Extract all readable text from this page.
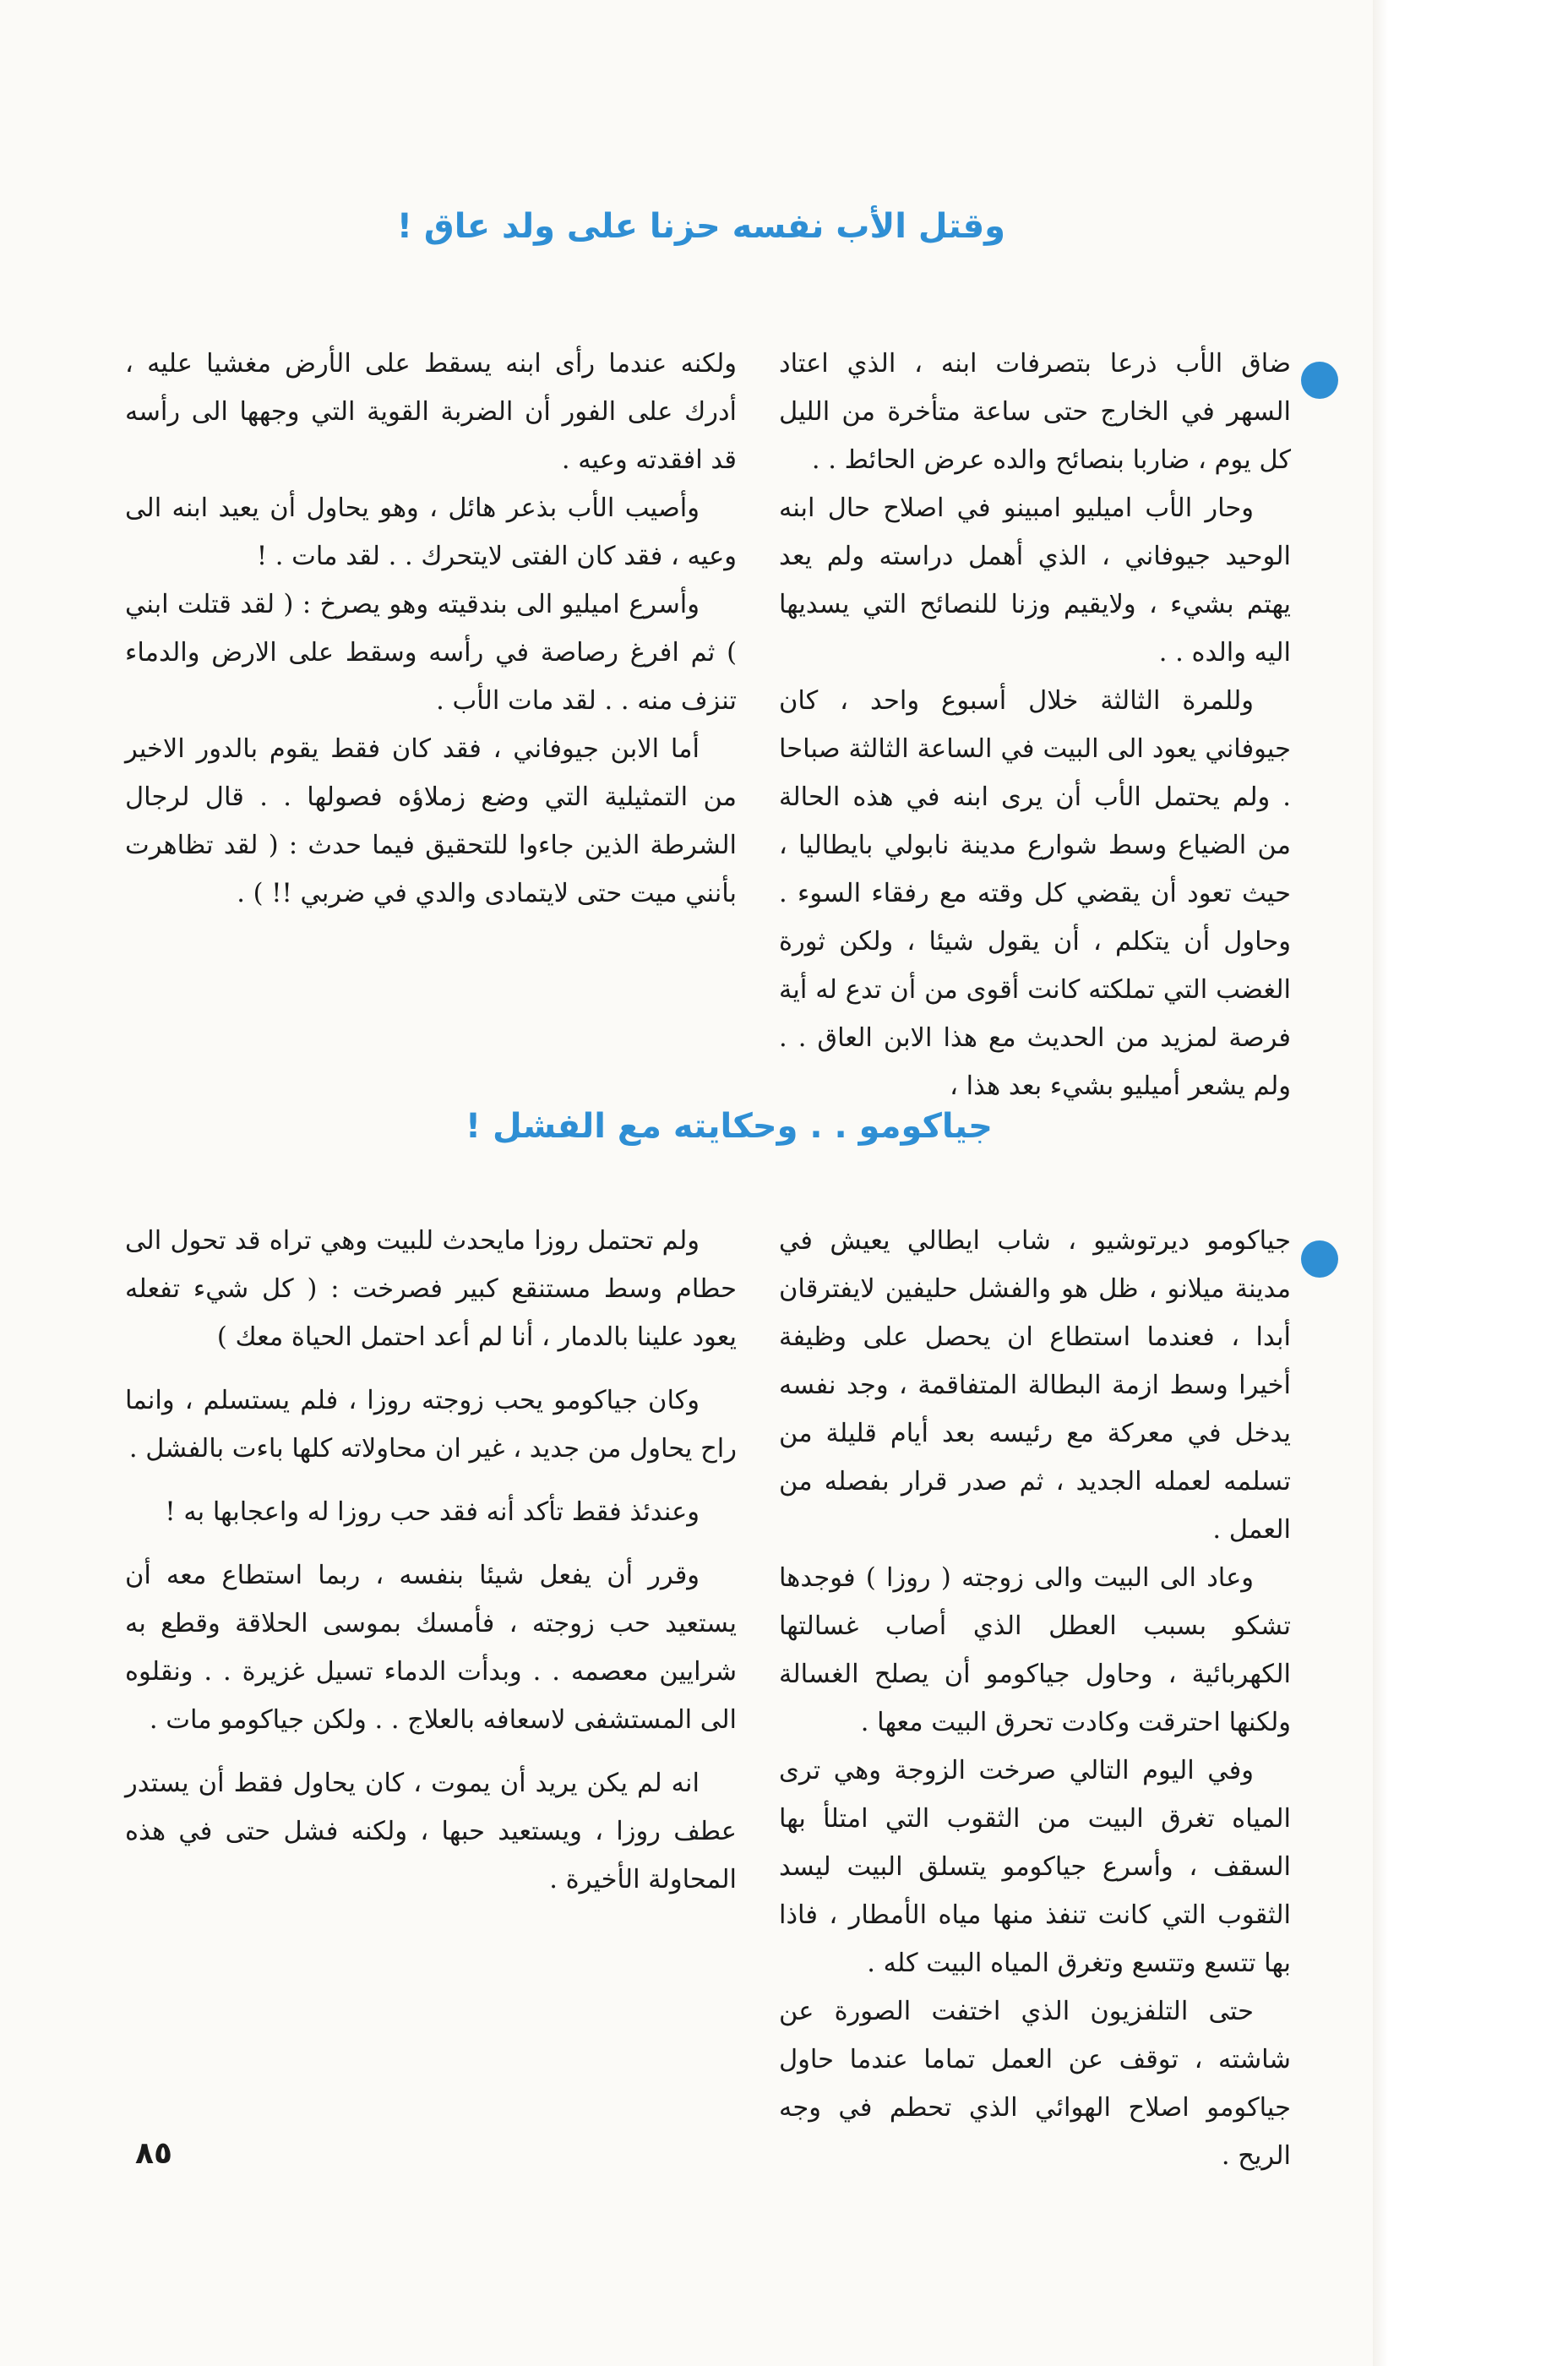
وقتل الأب نفسه حزنا على ولد عاق !

ضاق الأب ذرعا بتصرفات ابنه ، الذي اعتاد السهر في الخارج حتى ساعة متأخرة من الليل كل يوم ، ضاربا بنصائح والده عرض الحائط . .

وحار الأب اميليو امبينو في اصلاح حال ابنه الوحيد جيوفاني ، الذي أهمل دراسته ولم يعد يهتم بشيء ، ولايقيم وزنا للنصائح التي يسديها اليه والده . .

وللمرة الثالثة خلال أسبوع واحد ، كان جيوفاني يعود الى البيت في الساعة الثالثة صباحا . ولم يحتمل الأب أن يرى ابنه في هذه الحالة من الضياع وسط شوارع مدينة نابولي بايطاليا ، حيث تعود أن يقضي كل وقته مع رفقاء السوء . وحاول أن يتكلم ، أن يقول شيئا ، ولكن ثورة الغضب التي تملكته كانت أقوى من أن تدع له أية فرصة لمزيد من الحديث مع هذا الابن العاق . . ولم يشعر أميليو بشيء بعد هذا ،

ولكنه عندما رأى ابنه يسقط على الأرض مغشيا عليه ، أدرك على الفور أن الضربة القوية التي وجهها الى رأسه قد افقدته وعيه .

وأصيب الأب بذعر هائل ، وهو يحاول أن يعيد ابنه الى وعيه ، فقد كان الفتى لايتحرك . . لقد مات . !

وأسرع اميليو الى بندقيته وهو يصرخ : ( لقد قتلت ابني ) ثم افرغ رصاصة في رأسه وسقط على الارض والدماء تنزف منه . . لقد مات الأب .

أما الابن جيوفاني ، فقد كان فقط يقوم بالدور الاخير من التمثيلية التي وضع زملاؤه فصولها . . قال لرجال الشرطة الذين جاءوا للتحقيق فيما حدث : ( لقد تظاهرت بأنني ميت حتى لايتمادى والدي في ضربي !! ) .

جياكومو . . وحكايته مع الفشل !

جياكومو ديرتوشيو ، شاب ايطالي يعيش في مدينة ميلانو ، ظل هو والفشل حليفين لايفترقان أبدا ، فعندما استطاع ان يحصل على وظيفة أخيرا وسط ازمة البطالة المتفاقمة ، وجد نفسه يدخل في معركة مع رئيسه بعد أيام قليلة من تسلمه لعمله الجديد ، ثم صدر قرار بفصله من العمل .

وعاد الى البيت والى زوجته ( روزا ) فوجدها تشكو بسبب العطل الذي أصاب غسالتها الكهربائية ، وحاول جياكومو أن يصلح الغسالة ولكنها احترقت وكادت تحرق البيت معها .

وفي اليوم التالي صرخت الزوجة وهي ترى المياه تغرق البيت من الثقوب التي امتلأ بها السقف ، وأسرع جياكومو يتسلق البيت ليسد الثقوب التي كانت تنفذ منها مياه الأمطار ، فاذا بها تتسع وتتسع وتغرق المياه البيت كله .

حتى التلفزيون الذي اختفت الصورة عن شاشته ، توقف عن العمل تماما عندما حاول جياكومو اصلاح الهوائي الذي تحطم في وجه الريح .

ولم تحتمل روزا مايحدث للبيت وهي تراه قد تحول الى حطام وسط مستنقع كبير فصرخت : ( كل شيء تفعله يعود علينا بالدمار ، أنا لم أعد احتمل الحياة معك )

وكان جياكومو يحب زوجته روزا ، فلم يستسلم ، وانما راح يحاول من جديد ، غير ان محاولاته كلها باءت بالفشل .

وعندئذ فقط تأكد أنه فقد حب روزا له واعجابها به !

وقرر أن يفعل شيئا بنفسه ، ربما استطاع معه أن يستعيد حب زوجته ، فأمسك بموسى الحلاقة وقطع به شرايين معصمه . . وبدأت الدماء تسيل غزيرة . . ونقلوه الى المستشفى لاسعافه بالعلاج . . ولكن جياكومو مات .

انه لم يكن يريد أن يموت ، كان يحاول فقط أن يستدر عطف روزا ، ويستعيد حبها ، ولكنه فشل حتى في هذه المحاولة الأخيرة .

٨٥
